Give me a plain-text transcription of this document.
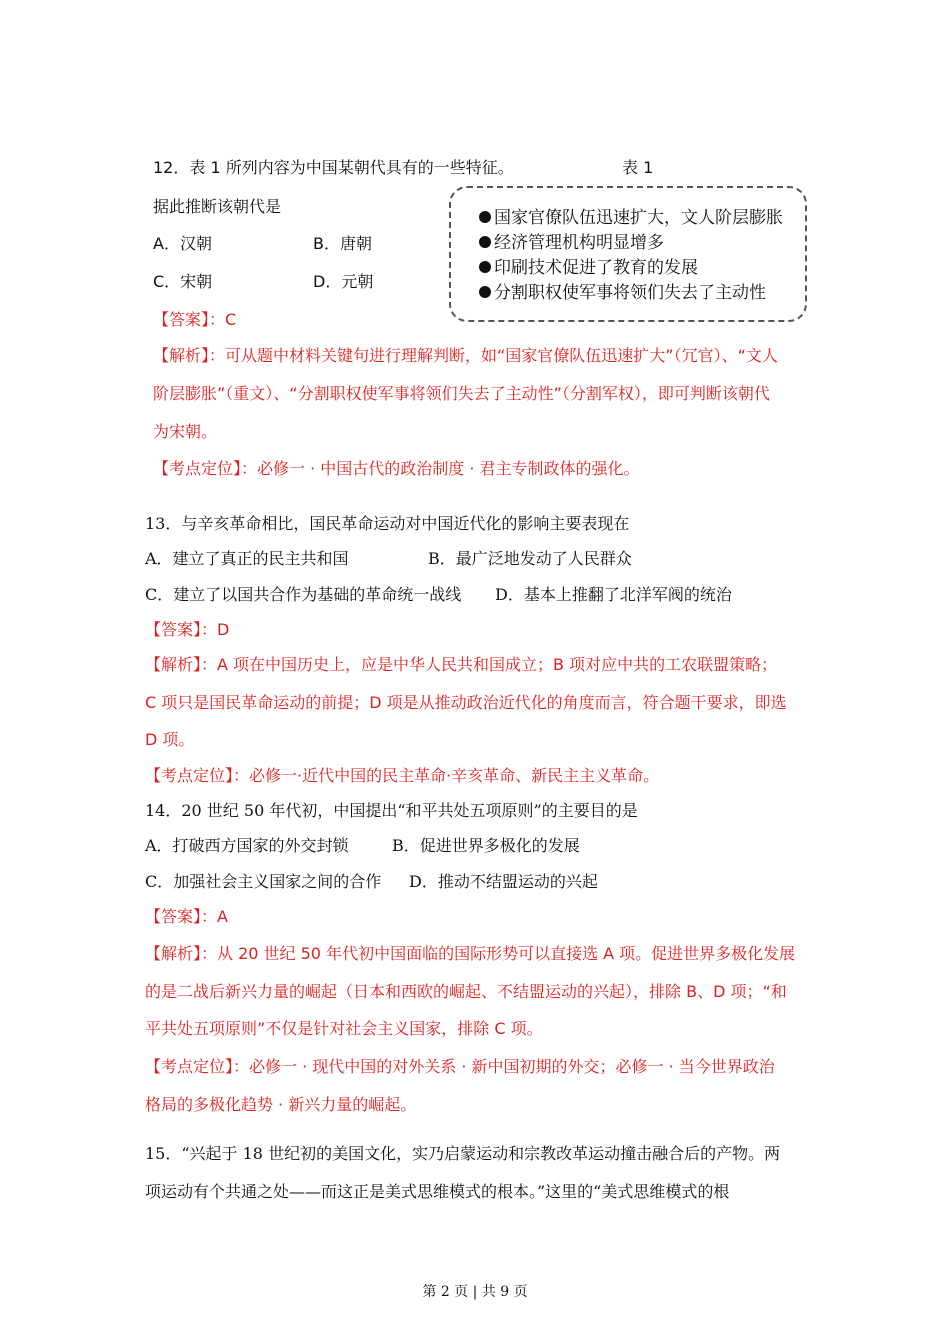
12．表 1 所列内容为中国某朝代具有的一些特征。	表 1
据此推断该朝代是
A．汉朝	B．唐朝
C．宋朝	D．元朝
国家官僚队伍迅速扩大，文人阶层膨胀
经济管理机构明显增多
印刷技术促进了教育的发展
分割职权使军事将领们失去了主动性
【答案】：C
【解析】：可从题中材料关键句进行理解判断，如“国家官僚队伍迅速扩大”（冗官）、“文人
阶层膨胀”（重文）、“分割职权使军事将领们失去了主动性”（分割军权），即可判断该朝代
为宋朝。
【考点定位】：必修一 · 中国古代的政治制度 · 君主专制政体的强化。
13．与辛亥革命相比，国民革命运动对中国近代化的影响主要表现在
A．建立了真正的民主共和国	B．最广泛地发动了人民群众
C．建立了以国共合作为基础的革命统一战线 D．基本上推翻了北洋军阀的统治
【答案】：D
【解析】：A 项在中国历史上，应是中华人民共和国成立；B 项对应中共的工农联盟策略；
C 项只是国民革命运动的前提；D 项是从推动政治近代化的角度而言，符合题干要求，即选
D 项。
【考点定位】：必修一·近代中国的民主革命·辛亥革命、新民主主义革命。
14．20 世纪 50 年代初，中国提出“和平共处五项原则”的主要目的是
A．打破西方国家的外交封锁	B．促进世界多极化的发展
C．加强社会主义国家之间的合作 D．推动不结盟运动的兴起
【答案】：A
【解析】：从 20 世纪 50 年代初中国面临的国际形势可以直接选 A 项。促进世界多极化发展
的是二战后新兴力量的崛起（日本和西欧的崛起、不结盟运动的兴起），排除 B、D 项；“和
平共处五项原则”不仅是针对社会主义国家，排除 C 项。
【考点定位】：必修一 · 现代中国的对外关系 · 新中国初期的外交；必修一 · 当今世界政治
格局的多极化趋势 · 新兴力量的崛起。
15．“兴起于 18 世纪初的美国文化，实乃启蒙运动和宗教改革运动撞击融合后的产物。两
项运动有个共通之处——而这正是美式思维模式的根本。”这里的“美式思维模式的根
第 2 页 | 共 9 页
